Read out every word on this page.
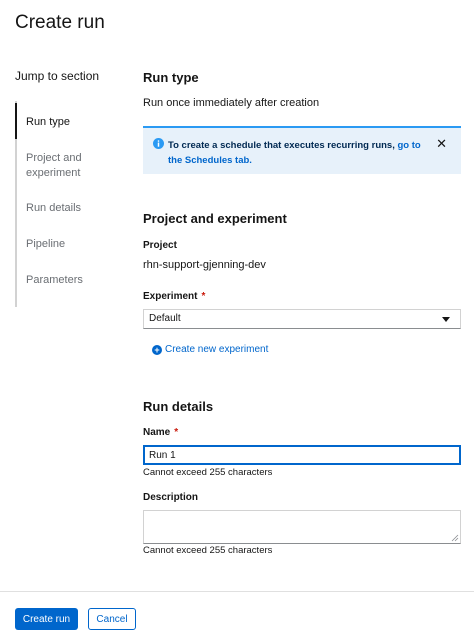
Create run
Jump to section
Run type
Project and experiment
Run details
Pipeline
Parameters
Run type
Run once immediately after creation
To create a schedule that executes recurring runs, go to the Schedules tab.
✕
Project and experiment
Project
rhn-support-gjenning-dev
Experiment *
Default
+ Create new experiment
Run details
Name *
Run 1
Cannot exceed 255 characters
Description
Cannot exceed 255 characters
Create run	Cancel
